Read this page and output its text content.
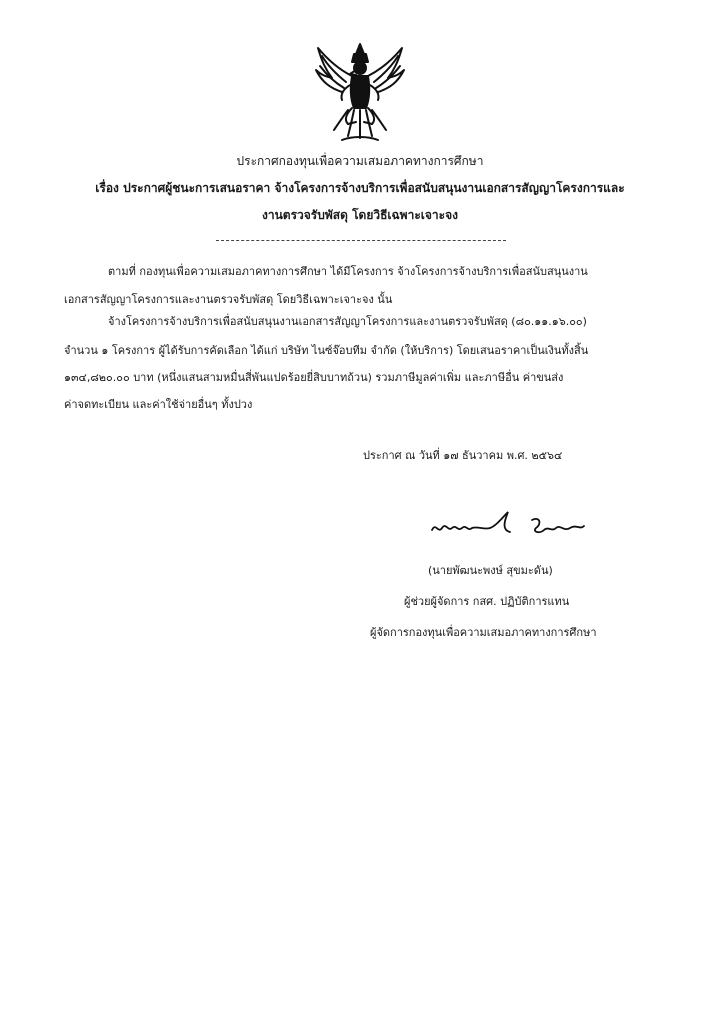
ประกาศกองทุนเพื่อความเสมอภาคทางการศึกษา
เรื่อง ประกาศผู้ชนะการเสนอราคา จ้างโครงการจ้างบริการเพื่อสนับสนุนงานเอกสารสัญญาโครงการและ
งานตรวจรับพัสดุ โดยวิธีเฉพาะเจาะจง
ตามที่ กองทุนเพื่อความเสมอภาคทางการศึกษา ได้มีโครงการ จ้างโครงการจ้างบริการเพื่อสนับสนุนงาน
เอกสารสัญญาโครงการและงานตรวจรับพัสดุ โดยวิธีเฉพาะเจาะจง นั้น
จ้างโครงการจ้างบริการเพื่อสนับสนุนงานเอกสารสัญญาโครงการและงานตรวจรับพัสดุ (๘๐.๑๑.๑๖.๐๐)
จำนวน ๑ โครงการ ผู้ได้รับการคัดเลือก ได้แก่ บริษัท ไนซ์จ๊อบทีม จำกัด (ให้บริการ) โดยเสนอราคาเป็นเงินทั้งสิ้น
๑๓๔,๘๒๐.๐๐ บาท (หนึ่งแสนสามหมื่นสี่พันแปดร้อยยี่สิบบาทถ้วน) รวมภาษีมูลค่าเพิ่ม และภาษีอื่น ค่าขนส่ง
ค่าจดทะเบียน และค่าใช้จ่ายอื่นๆ ทั้งปวง
ประกาศ ณ วันที่ ๑๗ ธันวาคม พ.ศ. ๒๕๖๔
(นายพัฒนะพงษ์ สุขมะดัน)
ผู้ช่วยผู้จัดการ กสศ. ปฏิบัติการแทน
ผู้จัดการกองทุนเพื่อความเสมอภาคทางการศึกษา
